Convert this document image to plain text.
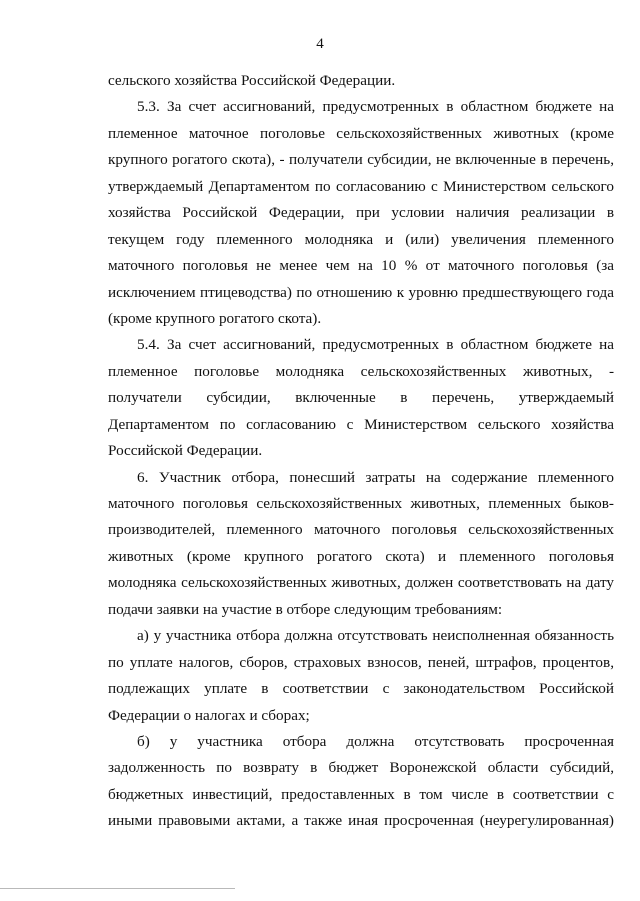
4
сельского хозяйства Российской Федерации.
5.3. За счет ассигнований, предусмотренных в областном бюджете на
племенное маточное поголовье сельскохозяйственных животных (кроме
крупного рогатого скота), - получатели субсидии, не включенные в перечень,
утверждаемый Департаментом по согласованию с Министерством сельского
хозяйства Российской Федерации, при условии наличия реализации в
текущем году племенного молодняка и (или) увеличения племенного
маточного поголовья не менее чем на 10 % от маточного поголовья (за
исключением птицеводства) по отношению к уровню предшествующего года
(кроме крупного рогатого скота).
5.4. За счет ассигнований, предусмотренных в областном бюджете на
племенное поголовье молодняка сельскохозяйственных животных, -
получатели субсидии, включенные в перечень, утверждаемый
Департаментом по согласованию с Министерством сельского хозяйства
Российской Федерации.
6. Участник отбора, понесший затраты на содержание племенного
маточного поголовья сельскохозяйственных животных, племенных быков-
производителей, племенного маточного поголовья сельскохозяйственных
животных (кроме крупного рогатого скота) и племенного поголовья
молодняка сельскохозяйственных животных, должен соответствовать на дату
подачи заявки на участие в отборе следующим требованиям:
а) у участника отбора должна отсутствовать неисполненная обязанность
по уплате налогов, сборов, страховых взносов, пеней, штрафов, процентов,
подлежащих уплате в соответствии с законодательством Российской
Федерации о налогах и сборах;
б) у участника отбора должна отсутствовать просроченная
задолженность по возврату в бюджет Воронежской области субсидий,
бюджетных инвестиций, предоставленных в том числе в соответствии с
иными правовыми актами, а также иная просроченная (неурегулированная)
